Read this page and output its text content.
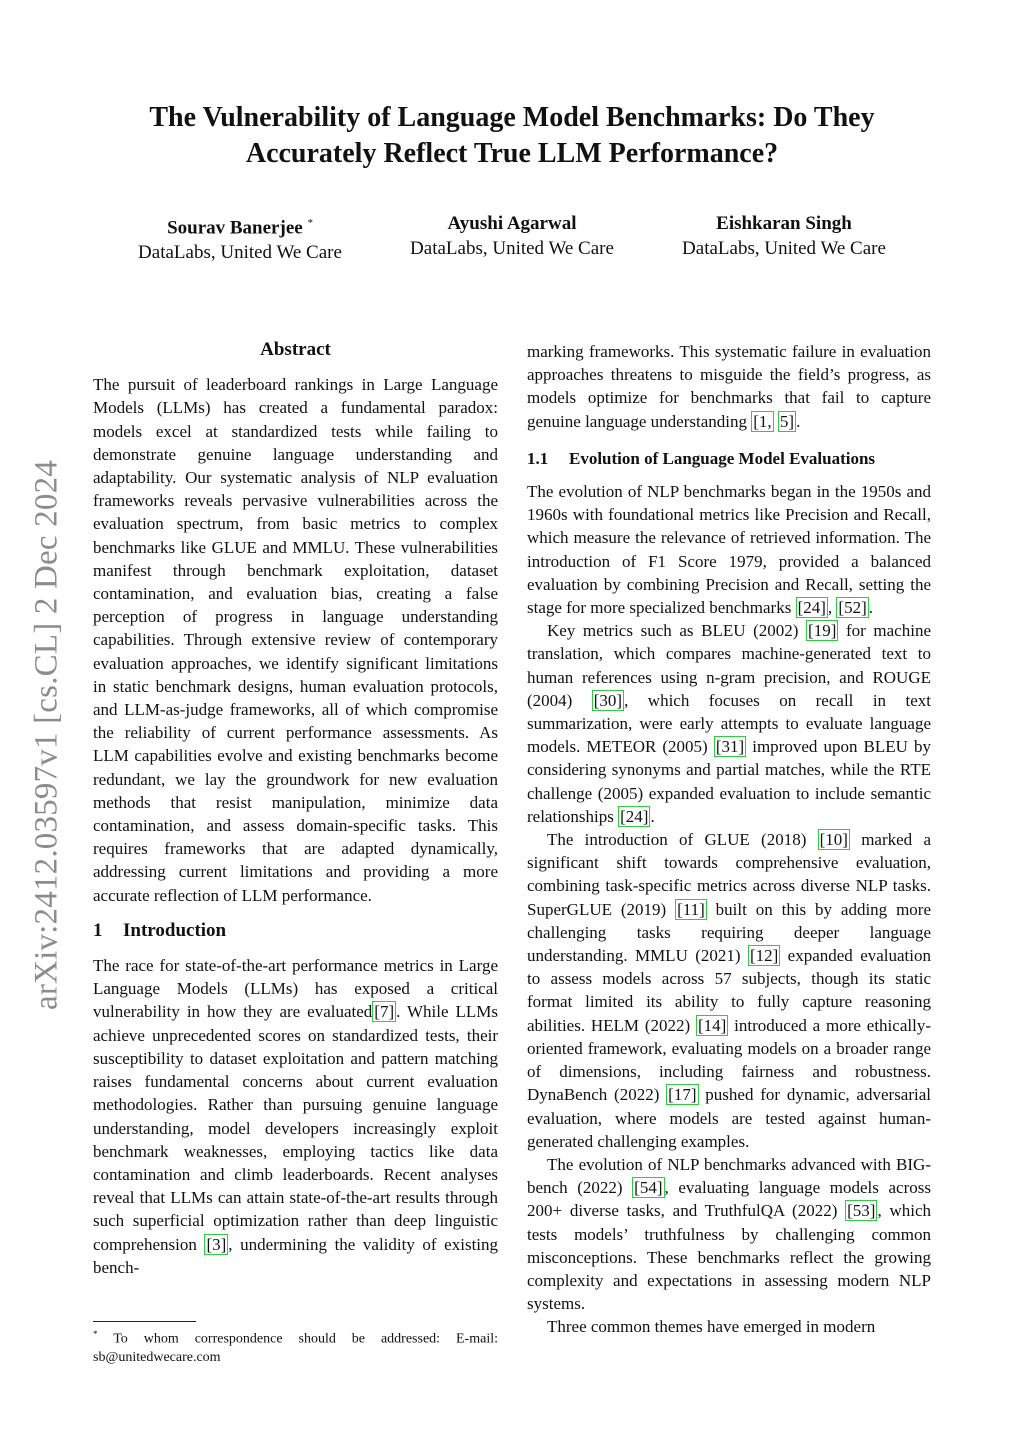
arXiv:2412.03597v1 [cs.CL] 2 Dec 2024
The Vulnerability of Language Model Benchmarks: Do They
Accurately Reflect True LLM Performance?
Sourav Banerjee *
DataLabs, United We Care
Ayushi Agarwal
DataLabs, United We Care
Eishkaran Singh
DataLabs, United We Care
Abstract

The pursuit of leaderboard rankings in Large Language Models (LLMs) has created a fundamental paradox: models excel at standardized tests while failing to demonstrate genuine language understanding and adaptability. Our systematic analysis of NLP evaluation frameworks reveals pervasive vulnerabilities across the evaluation spectrum, from basic metrics to complex benchmarks like GLUE and MMLU. These vulnerabilities manifest through benchmark exploitation, dataset contamination, and evaluation bias, creating a false perception of progress in language understanding capabilities. Through extensive review of contemporary evaluation approaches, we identify significant limitations in static benchmark designs, human evaluation protocols, and LLM-as-judge frameworks, all of which compromise the reliability of current performance assessments. As LLM capabilities evolve and existing benchmarks become redundant, we lay the groundwork for new evaluation methods that resist manipulation, minimize data contamination, and assess domain-specific tasks. This requires frameworks that are adapted dynamically, addressing current limitations and providing a more accurate reflection of LLM performance.

1 Introduction

The race for state-of-the-art performance metrics in Large Language Models (LLMs) has exposed a critical vulnerability in how they are evaluated [7] . While LLMs achieve unprecedented scores on standardized tests, their susceptibility to dataset exploitation and pattern matching raises fundamental concerns about current evaluation methodologies. Rather than pursuing genuine language understanding, model developers increasingly exploit benchmark weaknesses, employing tactics like data contamination and climb leaderboards. Recent analyses reveal that LLMs can attain state-of-the-art results through such superficial optimization rather than deep linguistic comprehension [3] , undermining the validity of existing bench-

* To whom correspondence should be addressed: E-mail: sb@unitedwecare.com

marking frameworks. This systematic failure in evaluation approaches threatens to misguide the field’s progress, as models optimize for benchmarks that fail to capture genuine language understanding [1, 5] .

1.1 Evolution of Language Model Evaluations

The evolution of NLP benchmarks began in the 1950s and 1960s with foundational metrics like Precision and Recall, which measure the relevance of retrieved information. The introduction of F1 Score 1979, provided a balanced evaluation by combining Precision and Recall, setting the stage for more specialized benchmarks [24] , [52] .

Key metrics such as BLEU (2002) [19] for machine translation, which compares machine-generated text to human references using n-gram precision, and ROUGE (2004) [30] , which focuses on recall in text summarization, were early attempts to evaluate language models. METEOR (2005) [31] improved upon BLEU by considering synonyms and partial matches, while the RTE challenge (2005) expanded evaluation to include semantic relationships [24] .

The introduction of GLUE (2018) [10] marked a significant shift towards comprehensive evaluation, combining task-specific metrics across diverse NLP tasks. SuperGLUE (2019) [11] built on this by adding more challenging tasks requiring deeper language understanding. MMLU (2021) [12] expanded evaluation to assess models across 57 subjects, though its static format limited its ability to fully capture reasoning abilities. HELM (2022) [14] introduced a more ethically-oriented framework, evaluating models on a broader range of dimensions, including fairness and robustness. DynaBench (2022) [17] pushed for dynamic, adversarial evaluation, where models are tested against human-generated challenging examples.

The evolution of NLP benchmarks advanced with BIG-bench (2022) [54] , evaluating language models across 200+ diverse tasks, and TruthfulQA (2022) [53] , which tests models’ truthfulness by challenging common misconceptions. These benchmarks reflect the growing complexity and expectations in assessing modern NLP systems.

Three common themes have emerged in modern
